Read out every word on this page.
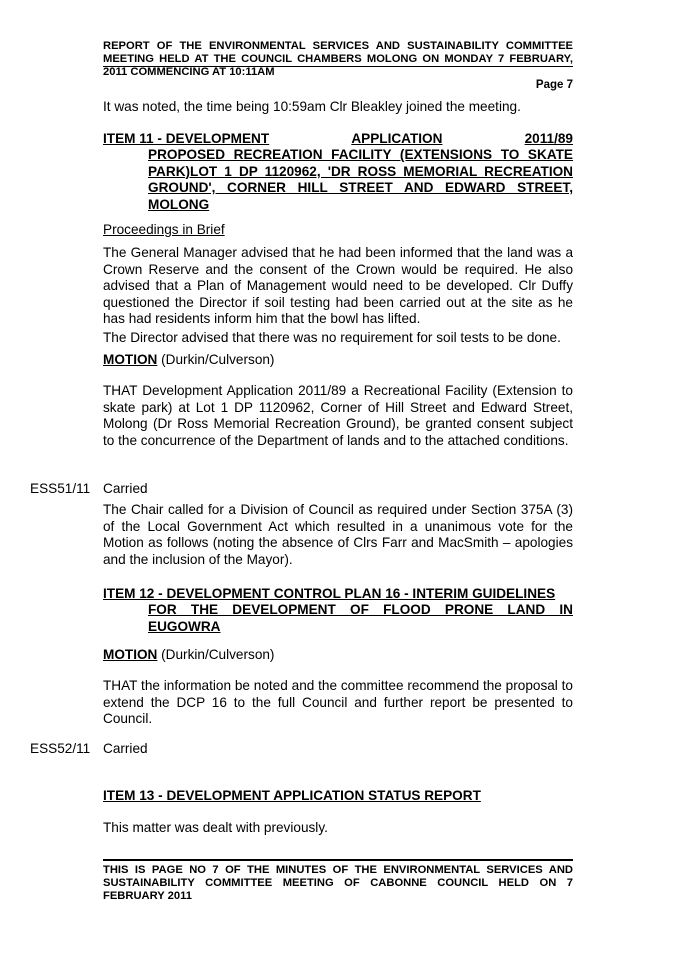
REPORT OF THE ENVIRONMENTAL SERVICES AND SUSTAINABILITY COMMITTEE MEETING HELD AT THE COUNCIL CHAMBERS MOLONG ON MONDAY 7 FEBRUARY, 2011 COMMENCING AT 10:11AM
Page 7
It was noted, the time being 10:59am Clr Bleakley joined the meeting.
ITEM 11 - DEVELOPMENT	APPLICATION	2011/89
PROPOSED RECREATION FACILITY (EXTENSIONS TO SKATE PARK)LOT 1 DP 1120962, 'DR ROSS MEMORIAL RECREATION GROUND', CORNER HILL STREET AND EDWARD STREET, MOLONG
Proceedings in Brief
The General Manager advised that he had been informed that the land was a Crown Reserve and the consent of the Crown would be required. He also advised that a Plan of Management would need to be developed. Clr Duffy questioned the Director if soil testing had been carried out at the site as he has had residents inform him that the bowl has lifted.
The Director advised that there was no requirement for soil tests to be done.
MOTION (Durkin/Culverson)
THAT Development Application 2011/89 a Recreational Facility (Extension to skate park) at Lot 1 DP 1120962, Corner of Hill Street and Edward Street, Molong (Dr Ross Memorial Recreation Ground), be granted consent subject to the concurrence of the Department of lands and to the attached conditions.
ESS51/11 Carried
The Chair called for a Division of Council as required under Section 375A (3) of the Local Government Act which resulted in a unanimous vote for the Motion as follows (noting the absence of Clrs Farr and MacSmith – apologies and the inclusion of the Mayor).
ITEM 12 - DEVELOPMENT CONTROL PLAN 16 - INTERIM GUIDELINES
FOR THE DEVELOPMENT OF FLOOD PRONE LAND IN EUGOWRA
MOTION (Durkin/Culverson)
THAT the information be noted and the committee recommend the proposal to extend the DCP 16 to the full Council and further report be presented to Council.
ESS52/11 Carried
ITEM 13 - DEVELOPMENT APPLICATION STATUS REPORT
This matter was dealt with previously.
THIS IS PAGE NO 7 OF THE MINUTES OF THE ENVIRONMENTAL SERVICES AND SUSTAINABILITY COMMITTEE MEETING OF CABONNE COUNCIL HELD ON 7 FEBRUARY 2011
